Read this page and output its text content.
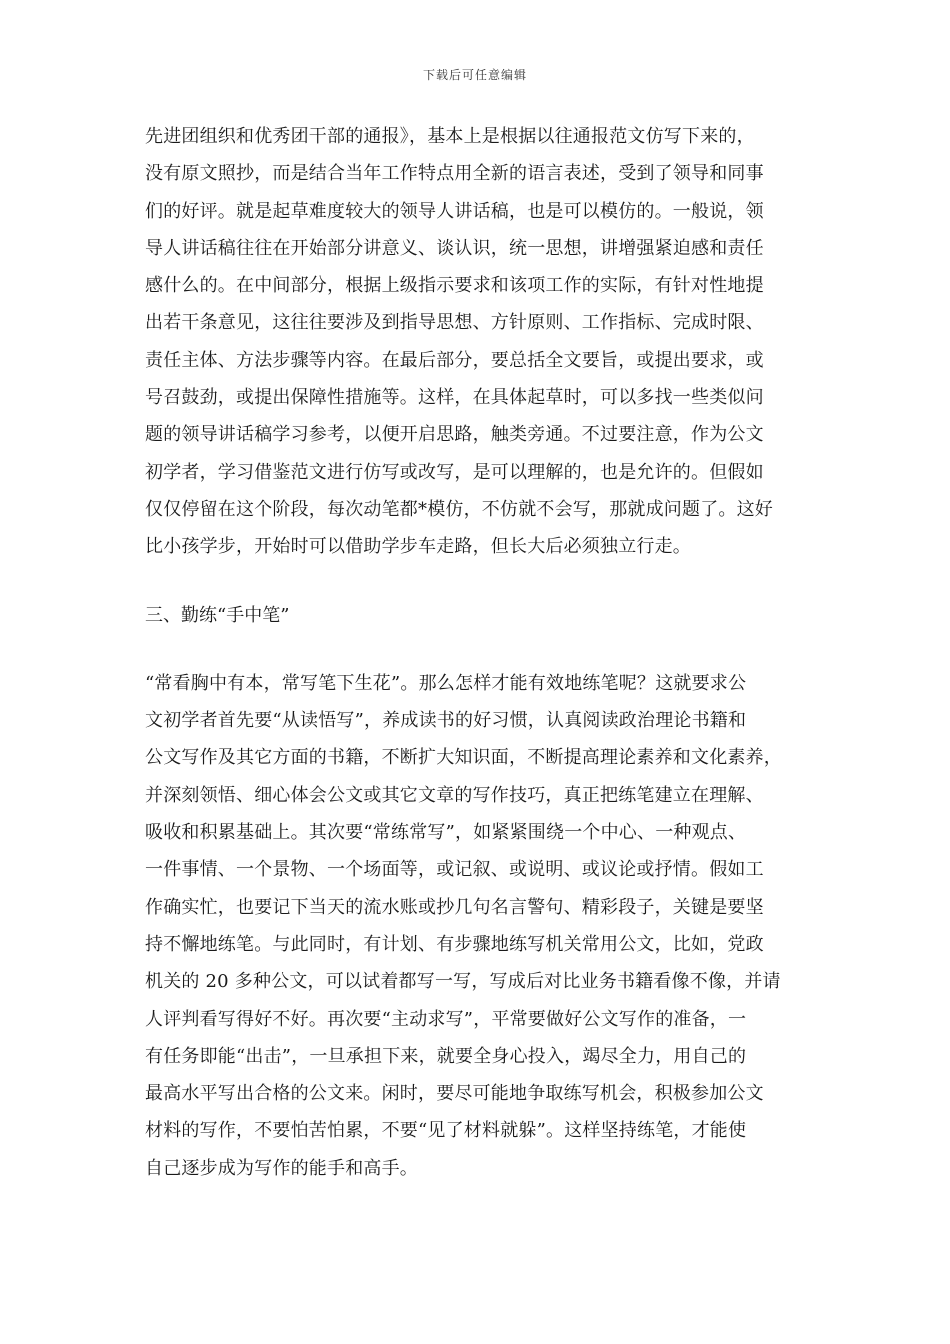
下载后可任意编辑

先进团组织和优秀团干部的通报》，基本上是根据以往通报范文仿写下来的，
没有原文照抄，而是结合当年工作特点用全新的语言表述，受到了领导和同事
们的好评。就是起草难度较大的领导人讲话稿，也是可以模仿的。一般说，领
导人讲话稿往往在开始部分讲意义、谈认识，统一思想，讲增强紧迫感和责任
感什么的。在中间部分，根据上级指示要求和该项工作的实际，有针对性地提
出若干条意见，这往往要涉及到指导思想、方针原则、工作指标、完成时限、
责任主体、方法步骤等内容。在最后部分，要总括全文要旨，或提出要求，或
号召鼓劲，或提出保障性措施等。这样，在具体起草时，可以多找一些类似问
题的领导讲话稿学习参考，以便开启思路，触类旁通。不过要注意，作为公文
初学者，学习借鉴范文进行仿写或改写，是可以理解的，也是允许的。但假如
仅仅停留在这个阶段，每次动笔都*模仿，不仿就不会写，那就成问题了。这好
比小孩学步，开始时可以借助学步车走路，但长大后必须独立行走。

三、勤练“手中笔”

“常看胸中有本，常写笔下生花”。那么怎样才能有效地练笔呢？这就要求公
文初学者首先要“从读悟写”，养成读书的好习惯，认真阅读政治理论书籍和
公文写作及其它方面的书籍，不断扩大知识面，不断提高理论素养和文化素养，
并深刻领悟、细心体会公文或其它文章的写作技巧，真正把练笔建立在理解、
吸收和积累基础上。其次要“常练常写”，如紧紧围绕一个中心、一种观点、
一件事情、一个景物、一个场面等，或记叙、或说明、或议论或抒情。假如工
作确实忙，也要记下当天的流水账或抄几句名言警句、精彩段子，关键是要坚
持不懈地练笔。与此同时，有计划、有步骤地练写机关常用公文，比如，党政
机关的 20 多种公文，可以试着都写一写，写成后对比业务书籍看像不像，并请
人评判看写得好不好。再次要“主动求写”，平常要做好公文写作的准备，一
有任务即能“出击”，一旦承担下来，就要全身心投入，竭尽全力，用自己的
最高水平写出合格的公文来。闲时，要尽可能地争取练写机会，积极参加公文
材料的写作，不要怕苦怕累，不要“见了材料就躲”。这样坚持练笔，才能使
自己逐步成为写作的能手和高手。
